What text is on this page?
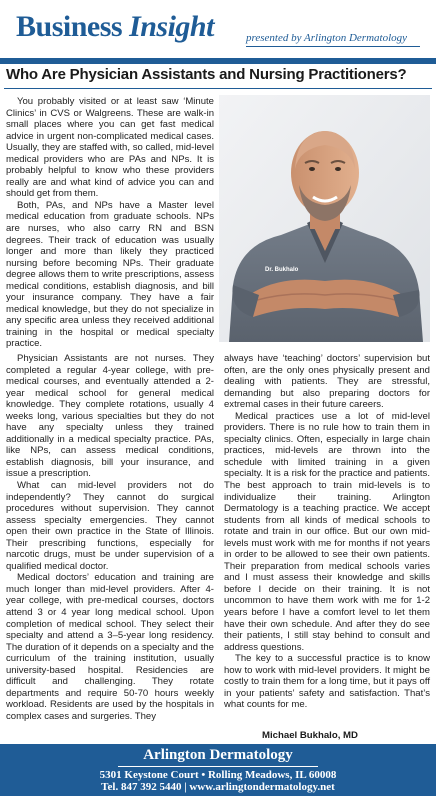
Business Insight	presented by Arlington Dermatology
Who Are Physician Assistants and Nursing Practitioners?
Dr. Bukhalo

You probably visited or at least saw ‘Minute Clinics’ in CVS or Walgreens. These are walk-in small places where you can get fast medical advice in urgent non-complicated medical cases. Usually, they are staffed with, so called, mid-level medical providers who are PAs and NPs. It is probably helpful to know who these providers really are and what kind of advice you can and should get from them.

Both, PAs, and NPs have a Master level medical education from graduate schools. NPs are nurses, who also carry RN and BSN degrees. Their track of education was usually longer and more than likely they practiced nursing before becoming NPs. Their graduate degree allows them to write prescriptions, assess medical conditions, establish diagnosis, and bill your insurance company. They have a fair medical knowledge, but they do not specialize in any specific area unless they received additional training in the hospital or medical specialty practice.

Physician Assistants are not nurses. They completed a regular 4-year college, with pre-medical courses, and eventually attended a 2-year medical school for general medical knowledge. They complete rotations, usually 4 weeks long, various specialties but they do not have any specialty unless they trained additionally in a medical specialty practice. PAs, like NPs, can assess medical conditions, establish diagnosis, bill your insurance, and issue a prescription.

What can mid-level providers not do independently? They cannot do surgical procedures without supervision. They cannot assess specialty emergencies. They cannot open their own practice in the State of Illinois. Their prescribing functions, especially for narcotic drugs, must be under supervision of a qualified medical doctor.

Medical doctors’ education and training are much longer than mid-level providers. After 4-year college, with pre-medical courses, doctors attend 3 or 4 year long medical school. Upon completion of medical school. They select their specialty and attend a 3–5-year long residency. The duration of it depends on a specialty and the curriculum of the training institution, usually university-based hospital. Residencies are difficult and challenging. They rotate departments and require 50-70 hours weekly workload. Residents are used by the hospitals in complex cases and surgeries. They

always have ‘teaching’ doctors’ supervision but often, are the only ones physically present and dealing with patients. They are stressful, demanding but also preparing doctors for extremal cases in their future careers.

Medical practices use a lot of mid-level providers. There is no rule how to train them in specialty clinics. Often, especially in large chain practices, mid-levels are thrown into the schedule with limited training in a given specialty. It is a risk for the practice and patients. The best approach to train mid-levels is to individualize their training. Arlington Dermatology is a teaching practice. We accept students from all kinds of medical schools to rotate and train in our office. But our own mid-levels must work with me for months if not years in order to be allowed to see their own patients. Their preparation from medical schools varies and I must assess their knowledge and skills before I decide on their training. It is not uncommon to have them work with me for 1-2 years before I have a comfort level to let them have their own schedule. And after they do see their patients, I still stay behind to consult and address questions.

The key to a successful practice is to know how to work with mid-level providers. It might be costly to train them for a long time, but it pays off in your patients’ safety and satisfaction. That’s what counts for me.

Michael Bukhalo, MD
Arlington Dermatology
5301 Keystone Court • Rolling Meadows, IL 60008
Tel. 847 392 5440 | www.arlingtondermatology.net
